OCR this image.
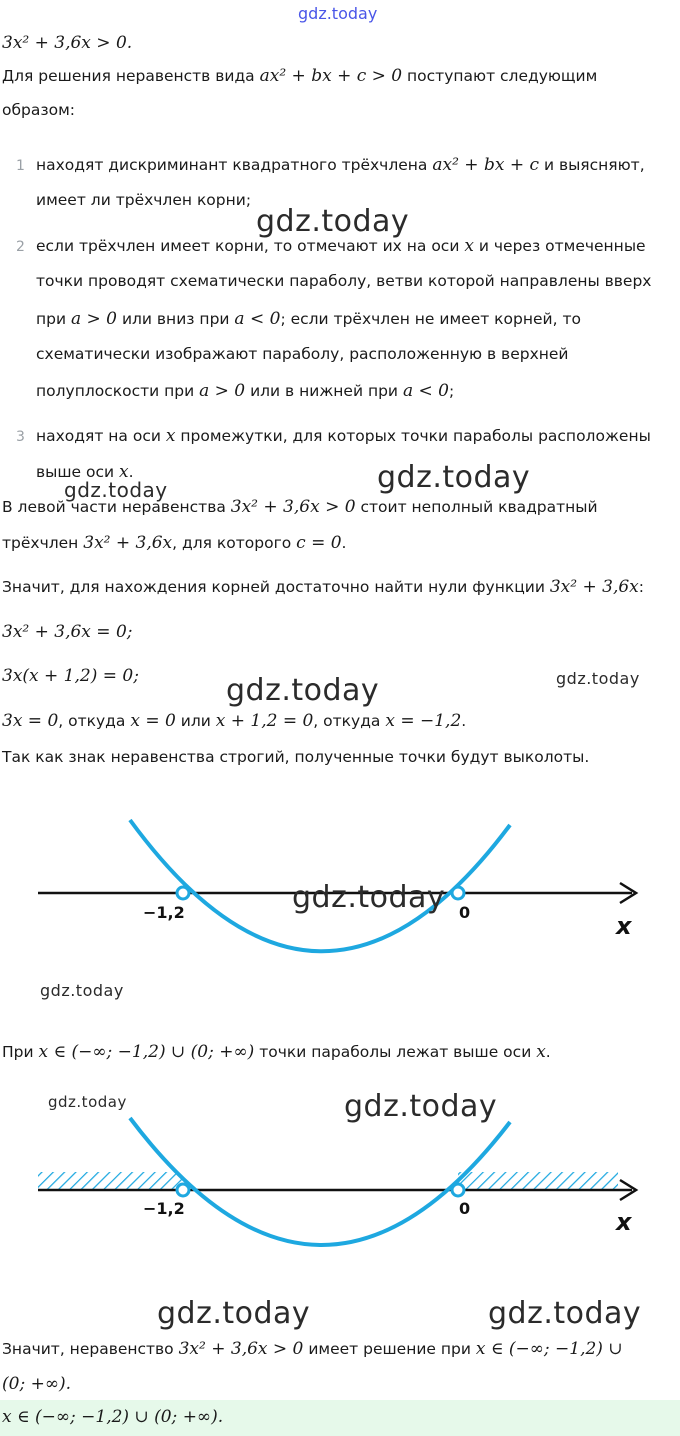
gdz.today
3x² + 3,6x > 0.
Для решения неравенств вида ax² + bx + c > 0 поступают следующим
образом:
1 находят дискриминант квадратного трёхчлена ax² + bx + c и выясняют,
имеет ли трёхчлен корни;
2 если трёхчлен имеет корни, то отмечают их на оси x и через отмеченные
точки проводят схематически параболу, ветви которой направлены вверх
при a > 0 или вниз при a < 0; если трёхчлен не имеет корней, то
схематически изображают параболу, расположенную в верхней
полуплоскости при a > 0 или в нижней при a < 0;
3 находят на оси x промежутки, для которых точки параболы расположены
выше оси x.
В левой части неравенства 3x² + 3,6x > 0 стоит неполный квадратный
трёхчлен 3x² + 3,6x, для которого c = 0.
Значит, для нахождения корней достаточно найти нули функции 3x² + 3,6x:
3x² + 3,6x = 0;
3x(x + 1,2) = 0;
3x = 0, откуда x = 0 или x + 1,2 = 0, откуда x = −1,2.
Так как знак неравенства строгий, полученные точки будут выколоты.
−1,2	0	x
При x ∈ (−∞; −1,2) ∪ (0; +∞) точки параболы лежат выше оси x.
−1,2	0	x
Значит, неравенство 3x² + 3,6x > 0 имеет решение при x ∈ (−∞; −1,2) ∪
(0; +∞).
x ∈ (−∞; −1,2) ∪ (0; +∞).
gdz.today
gdz.today	gdz.today
gdz.today	gdz.today
gdz.today
gdz.today
gdz.today	gdz.today
gdz.today	gdz.today
